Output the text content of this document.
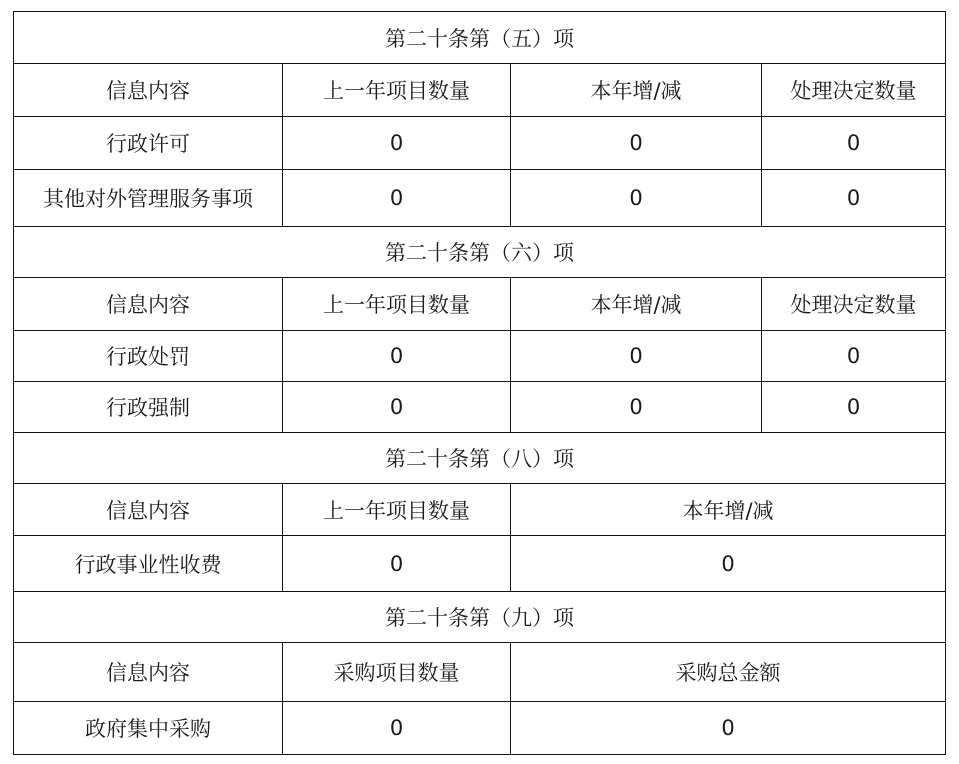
第二十条第（五）项			
信息内容	上一年项目数量	本年增/减	处理决定数量
行政许可	0	0	0
其他对外管理服务事项	0	0	0
第二十条第（六）项			
信息内容	上一年项目数量	本年增/减	处理决定数量
行政处罚	0	0	0
行政强制	0	0	0
第二十条第（八）项			
信息内容	上一年项目数量	本年增/减	
行政事业性收费	0	0	
第二十条第（九）项			
信息内容	采购项目数量	采购总金额	
政府集中采购	0	0	
